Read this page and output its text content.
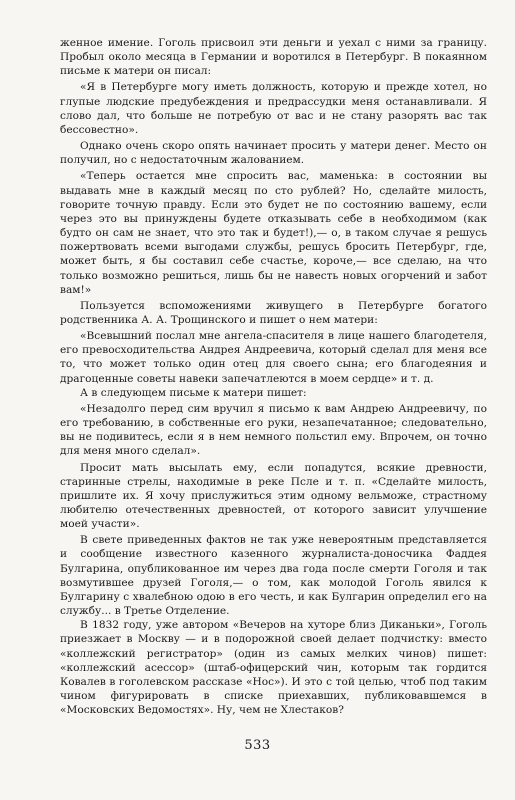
женное имение. Гоголь присвоил эти деньги и уехал с ними за границу. Пробыл около месяца в Германии и воротился в Петербург. В покаянном письме к матери он писал:

«Я в Петербурге могу иметь должность, которую и прежде хотел, но глупые людские предубеждения и предрассудки меня останавливали. Я слово дал, что больше не потребую от вас и не стану разорять вас так бессовестно».

Однако очень скоро опять начинает просить у матери денег. Место он получил, но с недостаточным жалованием.

«Теперь остается мне спросить вас, маменька: в состоянии вы выдавать мне в каждый месяц по сто рублей? Но, сделайте милость, говорите точную правду. Если это будет не по состоянию вашему, если через это вы принуждены будете отказывать себе в необходимом (как будто он сам не знает, что это так и будет!),— о, в таком случае я решусь пожертвовать всеми выгодами службы, решусь бросить Петербург, где, может быть, я бы составил себе счастье, короче,— все сделаю, на что только возможно решиться, лишь бы не навесть новых огорчений и забот вам!»

Пользуется вспоможениями живущего в Петербурге богатого родственника А. А. Трощинского и пишет о нем матери:

«Всевышний послал мне ангела-спасителя в лице нашего благодетеля, его превосходительства Андрея Андреевича, который сделал для меня все то, что может только один отец для своего сына; его благодеяния и драгоценные советы навеки запечатлеются в моем сердце» и т. д.

А в следующем письме к матери пишет:

«Незадолго перед сим вручил я письмо к вам Андрею Андреевичу, по его требованию, в собственные его руки, незапечатанное; следовательно, вы не подивитесь, если я в нем немного польстил ему. Впрочем, он точно для меня много сделал».

Просит мать высылать ему, если попадутся, всякие древности, старинные стрелы, находимые в реке Псле и т. п. «Сделайте милость, пришлите их. Я хочу прислужиться этим одному вельможе, страстному любителю отечественных древностей, от которого зависит улучшение моей участи».

В свете приведенных фактов не так уже невероятным представляется и сообщение известного казенного журналиста-доносчика Фаддея Булгарина, опубликованное им через два года после смерти Гоголя и так возмутившее друзей Гоголя,— о том, как молодой Гоголь явился к Булгарину с хвалебною одою в его честь, и как Булгарин определил его на службу... в Третье Отделение.

В 1832 году, уже автором «Вечеров на хуторе близ Диканьки», Гоголь приезжает в Москву — и в подорожной своей делает подчистку: вместо «коллежский регистратор» (один из самых мелких чинов) пишет: «коллежский асессор» (штаб-офицерский чин, которым так гордится Ковалев в гоголевском рассказе «Нос»). И это с той целью, чтоб под таким чином фигурировать в списке приехавших, публиковавшемся в «Московских Ведомостях». Ну, чем не Хлестаков?

533
